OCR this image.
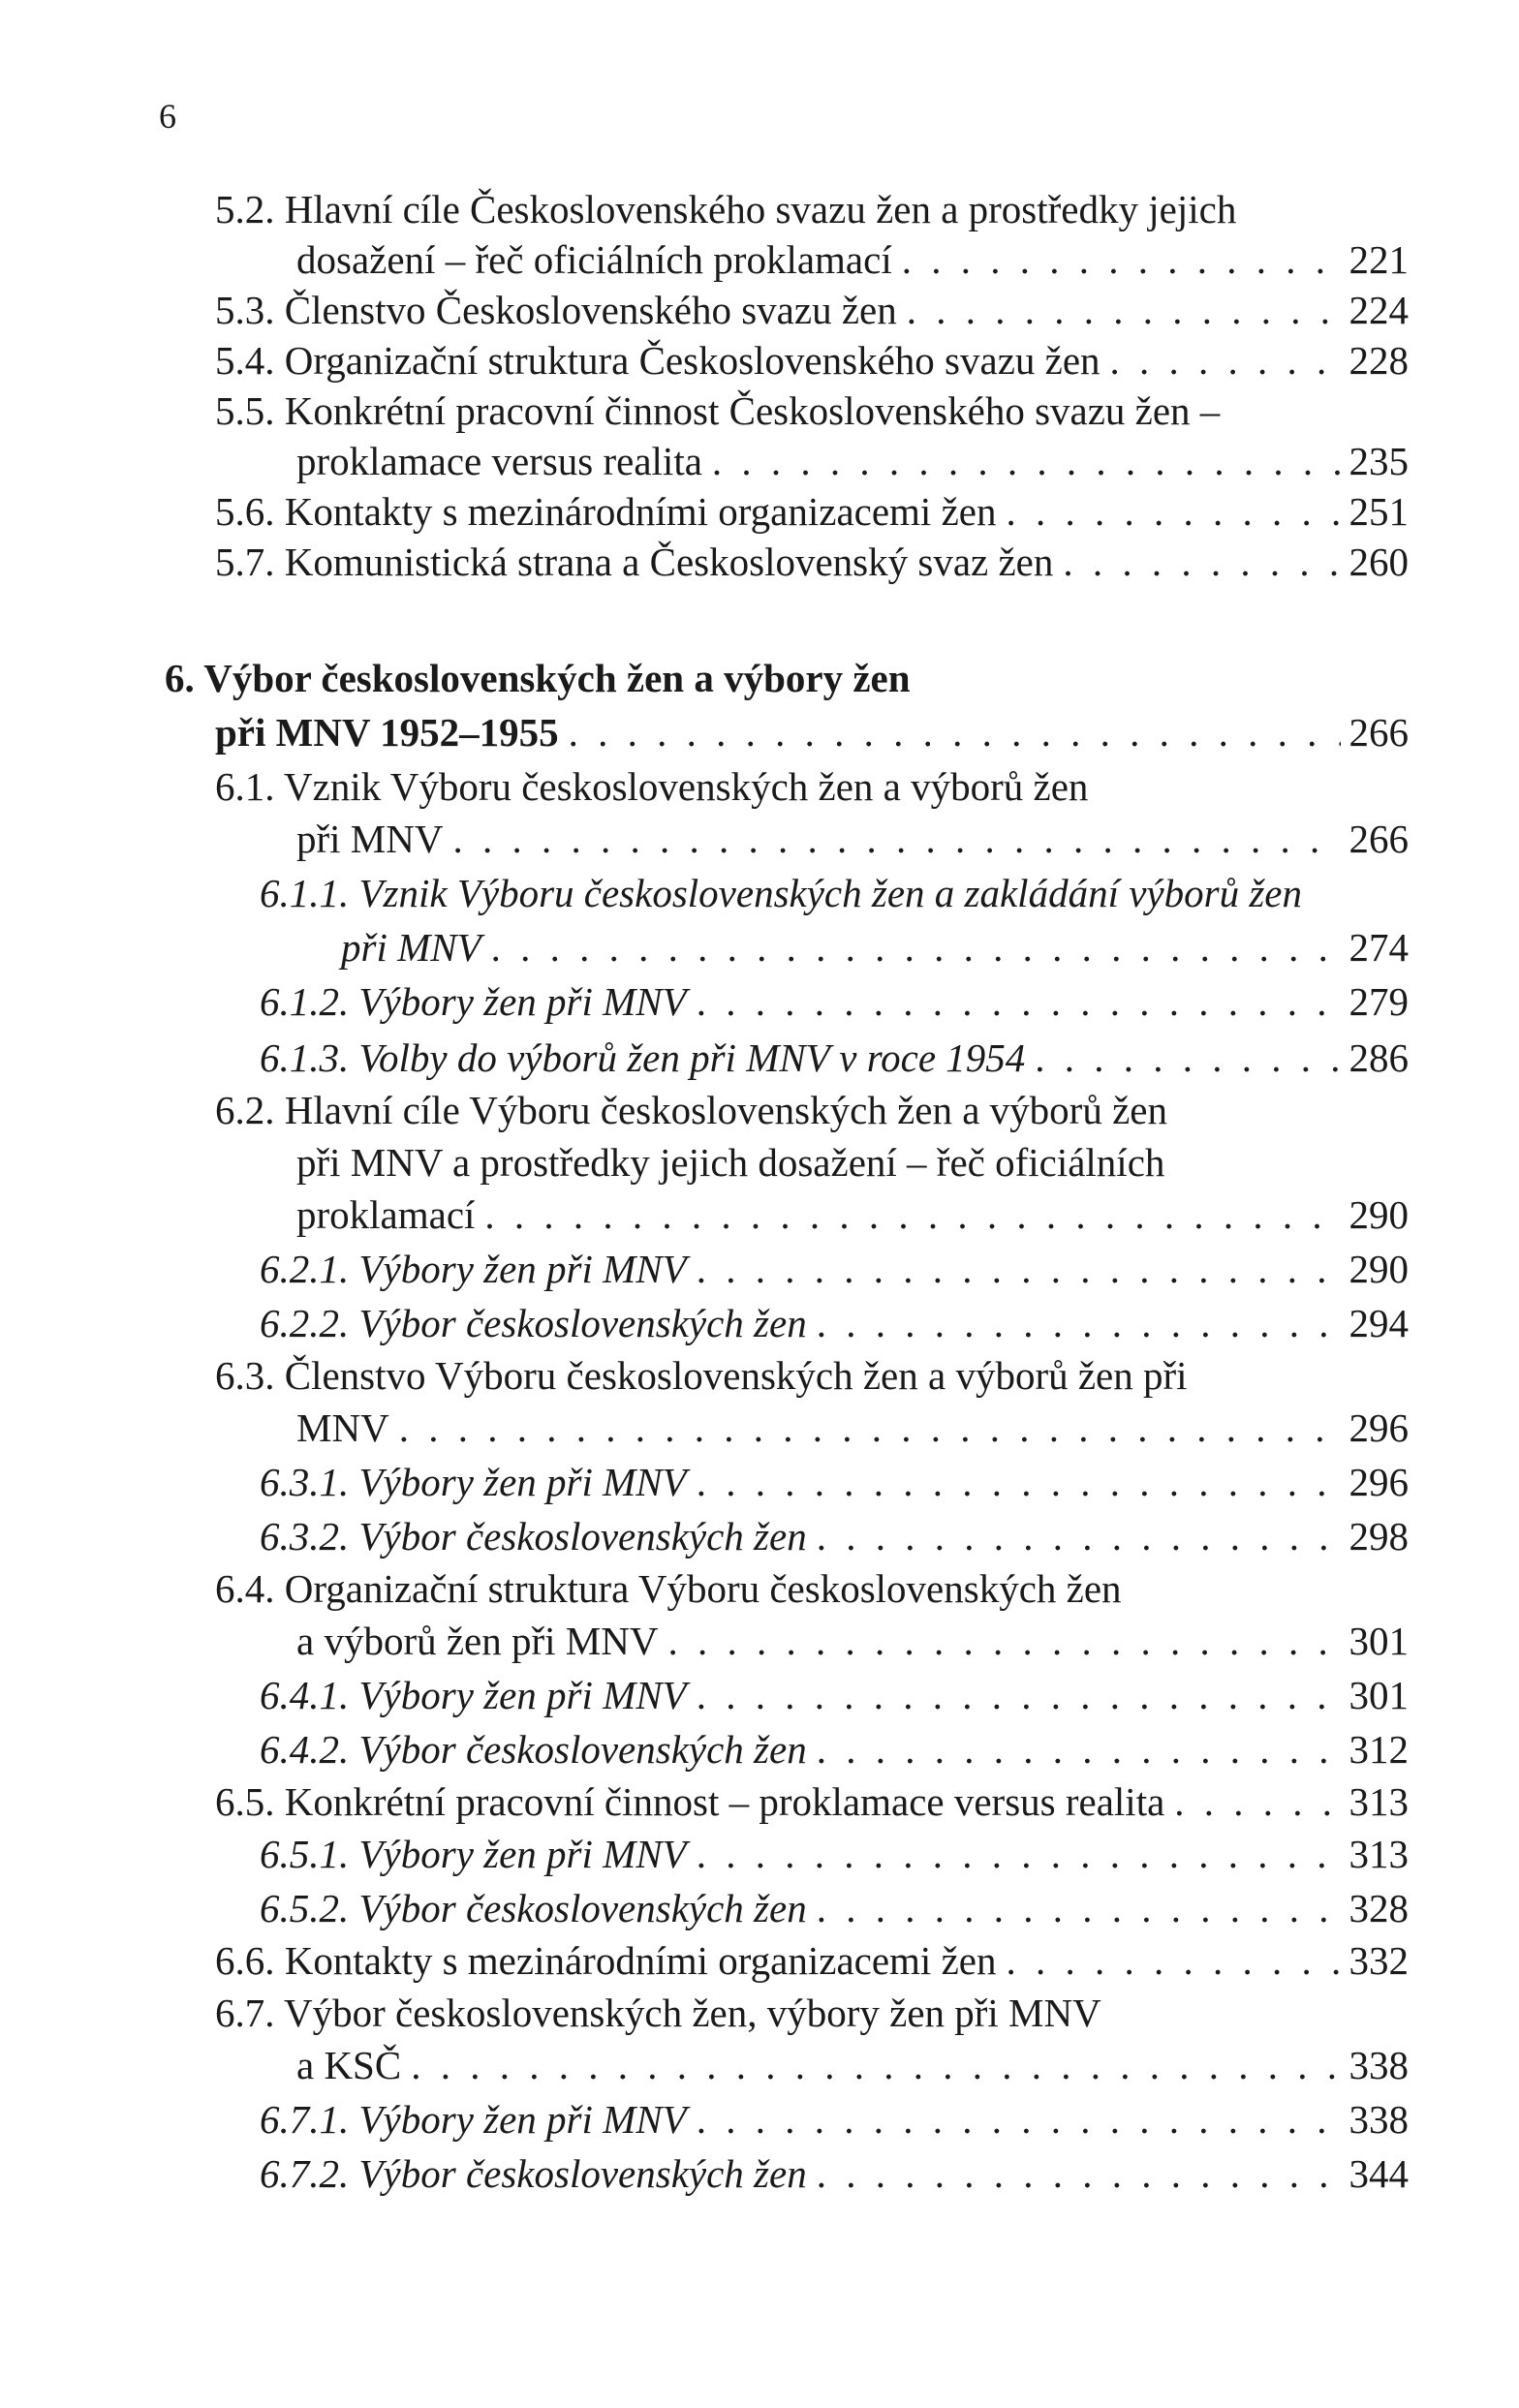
6
5.2. Hlavní cíle Československého svazu žen a prostředky jejich
dosažení – řeč oficiálních proklamací . . .	221
5.3. Členstvo Československého svazu žen . . .	224
5.4. Organizační struktura Československého svazu žen . . .	228
5.5. Konkrétní pracovní činnost Československého svazu žen –
proklamace versus realita . . .	235
5.6. Kontakty s mezinárodními organizacemi žen . . .	251
5.7. Komunistická strana a Československý svaz žen . . .	260
6. Výbor československých žen a výbory žen
při MNV 1952–1955 . . .	266
6.1. Vznik Výboru československých žen a výborů žen
při MNV . . .	266
6.1.1. Vznik Výboru československých žen a zakládání výborů žen
při MNV . . .	274
6.1.2. Výbory žen při MNV . . .	279
6.1.3. Volby do výborů žen při MNV v roce 1954 . . .	286
6.2. Hlavní cíle Výboru československých žen a výborů žen
při MNV a prostředky jejich dosažení – řeč oficiálních
proklamací . . .	290
6.2.1. Výbory žen při MNV . . .	290
6.2.2. Výbor československých žen . . .	294
6.3. Členstvo Výboru československých žen a výborů žen při
MNV . . .	296
6.3.1. Výbory žen při MNV . . .	296
6.3.2. Výbor československých žen . . .	298
6.4. Organizační struktura Výboru československých žen
a výborů žen při MNV . . .	301
6.4.1. Výbory žen při MNV . . .	301
6.4.2. Výbor československých žen . . .	312
6.5. Konkrétní pracovní činnost – proklamace versus realita . . .	313
6.5.1. Výbory žen při MNV . . .	313
6.5.2. Výbor československých žen . . .	328
6.6. Kontakty s mezinárodními organizacemi žen . . .	332
6.7. Výbor československých žen, výbory žen při MNV
a KSČ . . .	338
6.7.1. Výbory žen při MNV . . .	338
6.7.2. Výbor československých žen . . .	344
